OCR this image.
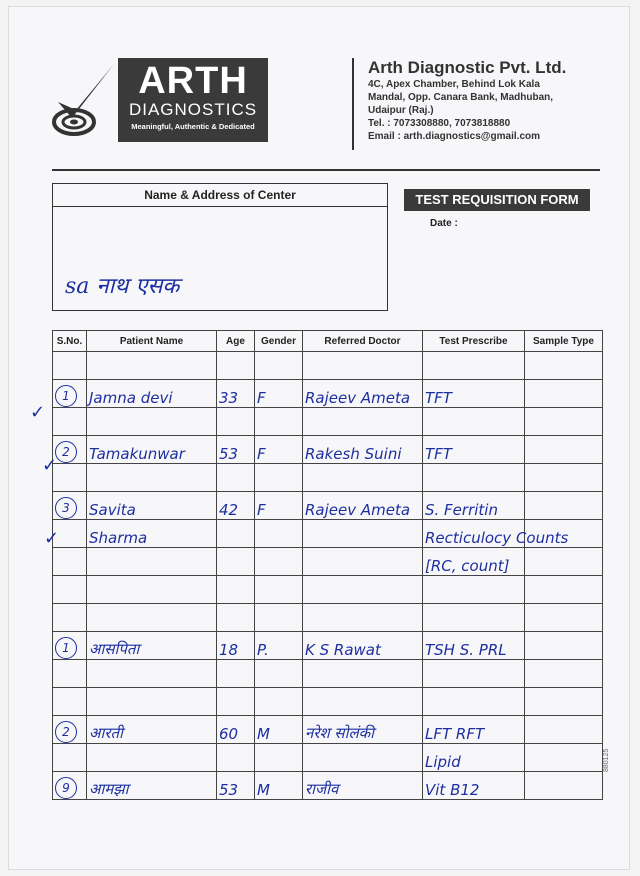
ARTH
DIAGNOSTICS
Meaningful, Authentic & Dedicated
Arth Diagnostic Pvt. Ltd.
4C, Apex Chamber, Behind Lok Kala
Mandal, Opp. Canara Bank, Madhuban,
Udaipur (Raj.)
Tel. : 7073308880, 7073818880
Email : arth.diagnostics@gmail.com
Name & Address of Center
sa नाथ एसक
TEST REQUISITION FORM
Date :
S.No.	Patient Name	Age	Gender	Referred Doctor	Test Prescribe	Sample Type

1	Jamna devi	33	F	Rajeev Ameta	TFT	

2	Tamakunwar	53	F	Rakesh Suini	TFT	

3	Savita	42	F	Rajeev Ameta	S. Ferritin	
	Sharma				Recticulocy Counts	
					[RC, count]	

1	आसपिता	18	P.	K S Rawat	TSH S. PRL	

2	आरती	60	M	नरेश सोलंकी	LFT RFT	
					Lipid	
9	आमझा	53	M	राजीव	Vit B12	
880125
✓
✓
✓
